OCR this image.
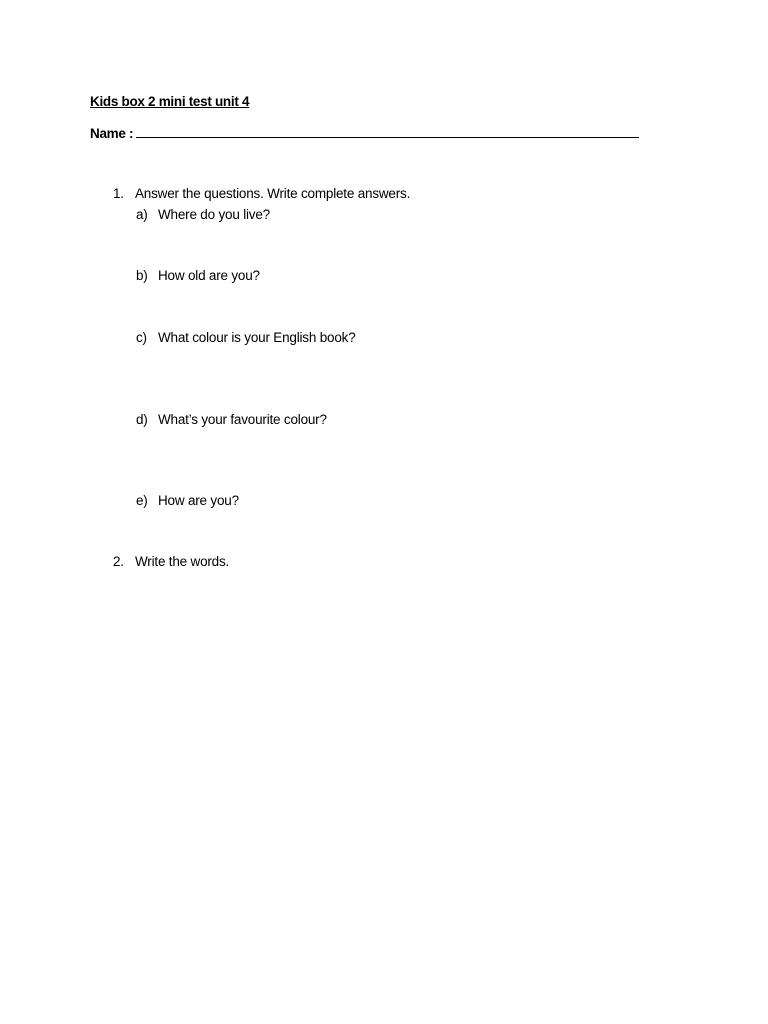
Kids box 2 mini test unit 4
Name :
1. Answer the questions. Write complete answers.
a) Where do you live?
b) How old are you?
c) What colour is your English book?
d) What’s your favourite colour?
e) How are you?
2. Write the words.
